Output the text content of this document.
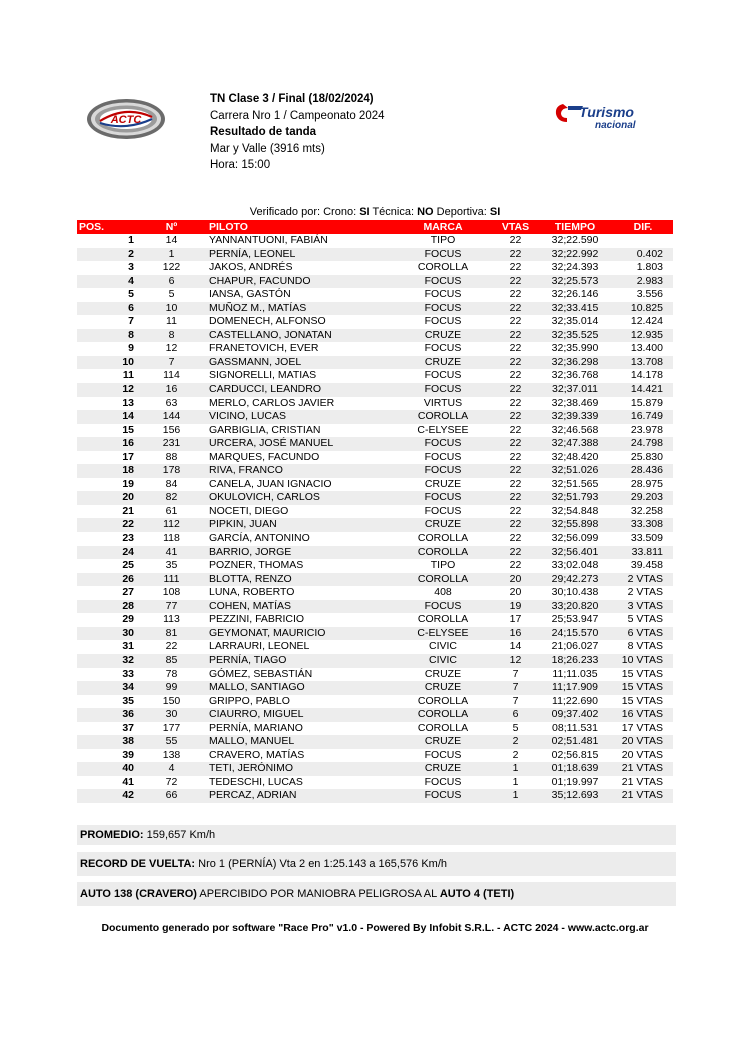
ACTC	Turismo
nacional
TN Clase 3 / Final (18/02/2024)
Carrera Nro 1 / Campeonato 2024
Resultado de tanda
Mar y Valle (3916 mts)
Hora: 15:00
Verificado por: Crono: SI Técnica: NO Deportiva: SI
POS.	Nº	PILOTO	MARCA	VTAS	TIEMPO	DIF.
1	14	YANNANTUONI, FABIÁN	TIPO	22	32;22.590	
2	1	PERNÍA, LEONEL	FOCUS	22	32;22.992	0.402
3	122	JAKOS, ANDRÉS	COROLLA	22	32;24.393	1.803
4	6	CHAPUR, FACUNDO	FOCUS	22	32;25.573	2.983
5	5	IANSA, GASTÓN	FOCUS	22	32;26.146	3.556
6	10	MUÑOZ M., MATÍAS	FOCUS	22	32;33.415	10.825
7	11	DOMENECH, ALFONSO	FOCUS	22	32;35.014	12.424
8	8	CASTELLANO, JONATAN	CRUZE	22	32;35.525	12.935
9	12	FRANETOVICH, EVER	FOCUS	22	32;35.990	13.400
10	7	GASSMANN, JOEL	CRUZE	22	32;36.298	13.708
11	114	SIGNORELLI, MATIAS	FOCUS	22	32;36.768	14.178
12	16	CARDUCCI, LEANDRO	FOCUS	22	32;37.011	14.421
13	63	MERLO, CARLOS JAVIER	VIRTUS	22	32;38.469	15.879
14	144	VICINO, LUCAS	COROLLA	22	32;39.339	16.749
15	156	GARBIGLIA, CRISTIAN	C-ELYSEE	22	32;46.568	23.978
16	231	URCERA, JOSÉ MANUEL	FOCUS	22	32;47.388	24.798
17	88	MARQUES, FACUNDO	FOCUS	22	32;48.420	25.830
18	178	RIVA, FRANCO	FOCUS	22	32;51.026	28.436
19	84	CANELA, JUAN IGNACIO	CRUZE	22	32;51.565	28.975
20	82	OKULOVICH, CARLOS	FOCUS	22	32;51.793	29.203
21	61	NOCETI, DIEGO	FOCUS	22	32;54.848	32.258
22	112	PIPKIN, JUAN	CRUZE	22	32;55.898	33.308
23	118	GARCÍA, ANTONINO	COROLLA	22	32;56.099	33.509
24	41	BARRIO, JORGE	COROLLA	22	32;56.401	33.811
25	35	POZNER, THOMAS	TIPO	22	33;02.048	39.458
26	111	BLOTTA, RENZO	COROLLA	20	29;42.273	2 VTAS
27	108	LUNA, ROBERTO	408	20	30;10.438	2 VTAS
28	77	COHEN, MATÍAS	FOCUS	19	33;20.820	3 VTAS
29	113	PEZZINI, FABRICIO	COROLLA	17	25;53.947	5 VTAS
30	81	GEYMONAT, MAURICIO	C-ELYSEE	16	24;15.570	6 VTAS
31	22	LARRAURI, LEONEL	CIVIC	14	21;06.027	8 VTAS
32	85	PERNÍA, TIAGO	CIVIC	12	18;26.233	10 VTAS
33	78	GÓMEZ, SEBASTIÁN	CRUZE	7	11;11.035	15 VTAS
34	99	MALLO, SANTIAGO	CRUZE	7	11;17.909	15 VTAS
35	150	GRIPPO, PABLO	COROLLA	7	11;22.690	15 VTAS
36	30	CIAURRO, MIGUEL	COROLLA	6	09;37.402	16 VTAS
37	177	PERNÍA, MARIANO	COROLLA	5	08;11.531	17 VTAS
38	55	MALLO, MANUEL	CRUZE	2	02;51.481	20 VTAS
39	138	CRAVERO, MATÍAS	FOCUS	2	02;56.815	20 VTAS
40	4	TETI, JERÓNIMO	CRUZE	1	01;18.639	21 VTAS
41	72	TEDESCHI, LUCAS	FOCUS	1	01;19.997	21 VTAS
42	66	PERCAZ, ADRIAN	FOCUS	1	35;12.693	21 VTAS
PROMEDIO: 159,657 Km/h
RECORD DE VUELTA: Nro 1 (PERNÍA) Vta 2 en 1:25.143 a 165,576 Km/h
AUTO 138 (CRAVERO) APERCIBIDO POR MANIOBRA PELIGROSA AL AUTO 4 (TETI)
Documento generado por software "Race Pro" v1.0 - Powered By Infobit S.R.L. - ACTC 2024 - www.actc.org.ar
